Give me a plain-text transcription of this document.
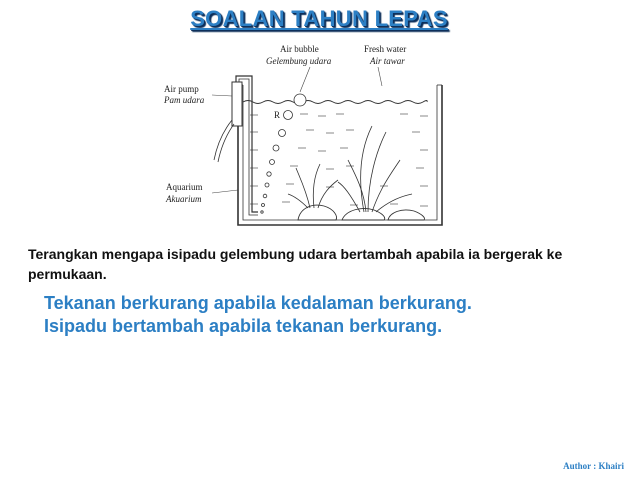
SOALAN TAHUN LEPAS
Air bubble
Gelembung udara
Fresh water
Air tawar
Air pump
Pam udara
Aquarium
Akuarium
R
Terangkan mengapa isipadu gelembung udara bertambah apabila ia bergerak ke permukaan.
Tekanan berkurang apabila kedalaman berkurang.
Isipadu bertambah apabila tekanan berkurang.
Author : Khairi
